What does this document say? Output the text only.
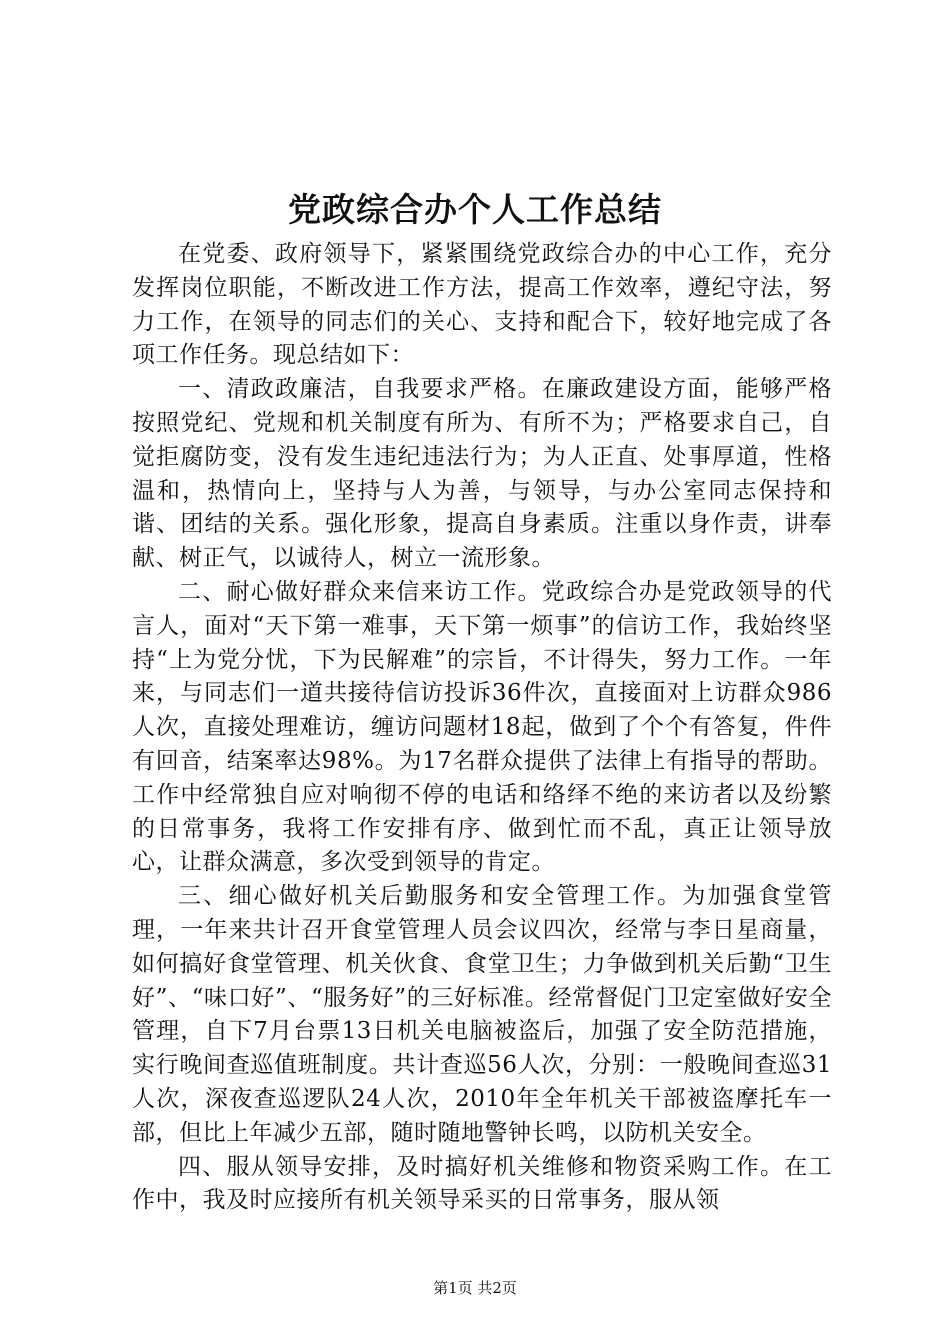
党政综合办个人工作总结

在党委、政府领导下，紧紧围绕党政综合办的中心工作，充分发挥岗位职能，不断改进工作方法，提高工作效率，遵纪守法，努力工作，在领导的同志们的关心、支持和配合下，较好地完成了各项工作任务。现总结如下：

一、清政政廉洁，自我要求严格。在廉政建设方面，能够严格按照党纪、党规和机关制度有所为、有所不为；严格要求自己，自觉拒腐防变，没有发生违纪违法行为；为人正直、处事厚道，性格温和，热情向上，坚持与人为善，与领导，与办公室同志保持和谐、团结的关系。强化形象，提高自身素质。注重以身作责，讲奉献、树正气，以诚待人，树立一流形象。

二、耐心做好群众来信来访工作。党政综合办是党政领导的代言人，面对“天下第一难事，天下第一烦事”的信访工作，我始终坚持“上为党分忧，下为民解难”的宗旨，不计得失，努力工作。一年来，与同志们一道共接待信访投诉36件次，直接面对上访群众986人次，直接处理难访，缠访问题材18起，做到了个个有答复，件件有回音，结案率达98%。为17名群众提供了法律上有指导的帮助。工作中经常独自应对响彻不停的电话和络绎不绝的来访者以及纷繁的日常事务，我将工作安排有序、做到忙而不乱，真正让领导放心，让群众满意，多次受到领导的肯定。

三、细心做好机关后勤服务和安全管理工作。为加强食堂管理，一年来共计召开食堂管理人员会议四次，经常与李日星商量，如何搞好食堂管理、机关伙食、食堂卫生；力争做到机关后勤“卫生好”、“味口好”、“服务好”的三好标准。经常督促门卫定室做好安全管理，自下7月台票13日机关电脑被盗后，加强了安全防范措施，实行晚间查巡值班制度。共计查巡56人次，分别：一般晚间查巡31人次，深夜查巡逻队24人次，2010年全年机关干部被盗摩托车一部，但比上年减少五部，随时随地警钟长鸣，以防机关安全。

四、服从领导安排，及时搞好机关维修和物资采购工作。在工作中，我及时应接所有机关领导采买的日常事务，服从领

第1页 共2页
